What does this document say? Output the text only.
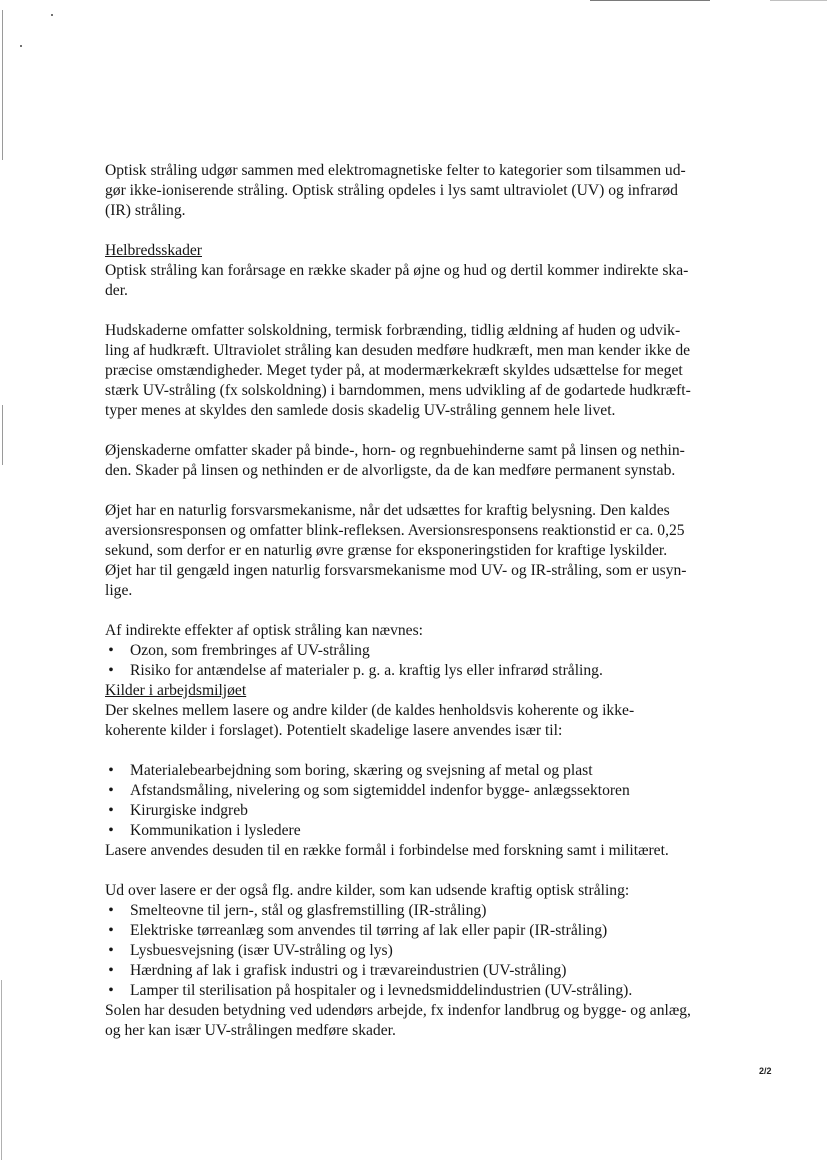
Optisk stråling udgør sammen med elektromagnetiske felter to kategorier som tilsammen ud-

gør ikke-ioniserende stråling. Optisk stråling opdeles i lys samt ultraviolet (UV) og infrarød

(IR) stråling.

Helbredsskader

Optisk stråling kan forårsage en række skader på øjne og hud og dertil kommer indirekte ska-

der.

Hudskaderne omfatter solskoldning, termisk forbrænding, tidlig ældning af huden og udvik-

ling af hudkræft. Ultraviolet stråling kan desuden medføre hudkræft, men man kender ikke de

præcise omstændigheder. Meget tyder på, at modermærkekræft skyldes udsættelse for meget

stærk UV-stråling (fx solskoldning) i barndommen, mens udvikling af de godartede hudkræft-

typer menes at skyldes den samlede dosis skadelig UV-stråling gennem hele livet.

Øjenskaderne omfatter skader på binde-, horn- og regnbuehinderne samt på linsen og nethin-

den. Skader på linsen og nethinden er de alvorligste, da de kan medføre permanent synstab.

Øjet har en naturlig forsvarsmekanisme, når det udsættes for kraftig belysning. Den kaldes

aversionsresponsen og omfatter blink-refleksen. Aversionsresponsens reaktionstid er ca. 0,25

sekund, som derfor er en naturlig øvre grænse for eksponeringstiden for kraftige lyskilder.

Øjet har til gengæld ingen naturlig forsvarsmekanisme mod UV- og IR-stråling, som er usyn-

lige.

Af indirekte effekter af optisk stråling kan nævnes:

• Ozon, som frembringes af UV-stråling
• Risiko for antændelse af materialer p. g. a. kraftig lys eller infrarød stråling.

Kilder i arbejdsmiljøet

Der skelnes mellem lasere og andre kilder (de kaldes henholdsvis koherente og ikke-

koherente kilder i forslaget). Potentielt skadelige lasere anvendes især til:

• Materialebearbejdning som boring, skæring og svejsning af metal og plast
• Afstandsmåling, nivelering og som sigtemiddel indenfor bygge- anlægssektoren
• Kirurgiske indgreb
• Kommunikation i lysledere

Lasere anvendes desuden til en række formål i forbindelse med forskning samt i militæret.

Ud over lasere er der også flg. andre kilder, som kan udsende kraftig optisk stråling:

• Smelteovne til jern-, stål og glasfremstilling (IR-stråling)
• Elektriske tørreanlæg som anvendes til tørring af lak eller papir (IR-stråling)
• Lysbuesvejsning (især UV-stråling og lys)
• Hærdning af lak i grafisk industri og i trævareindustrien (UV-stråling)
• Lamper til sterilisation på hospitaler og i levnedsmiddelindustrien (UV-stråling).

Solen har desuden betydning ved udendørs arbejde, fx indenfor landbrug og bygge- og anlæg,

og her kan især UV-strålingen medføre skader.

2/2
